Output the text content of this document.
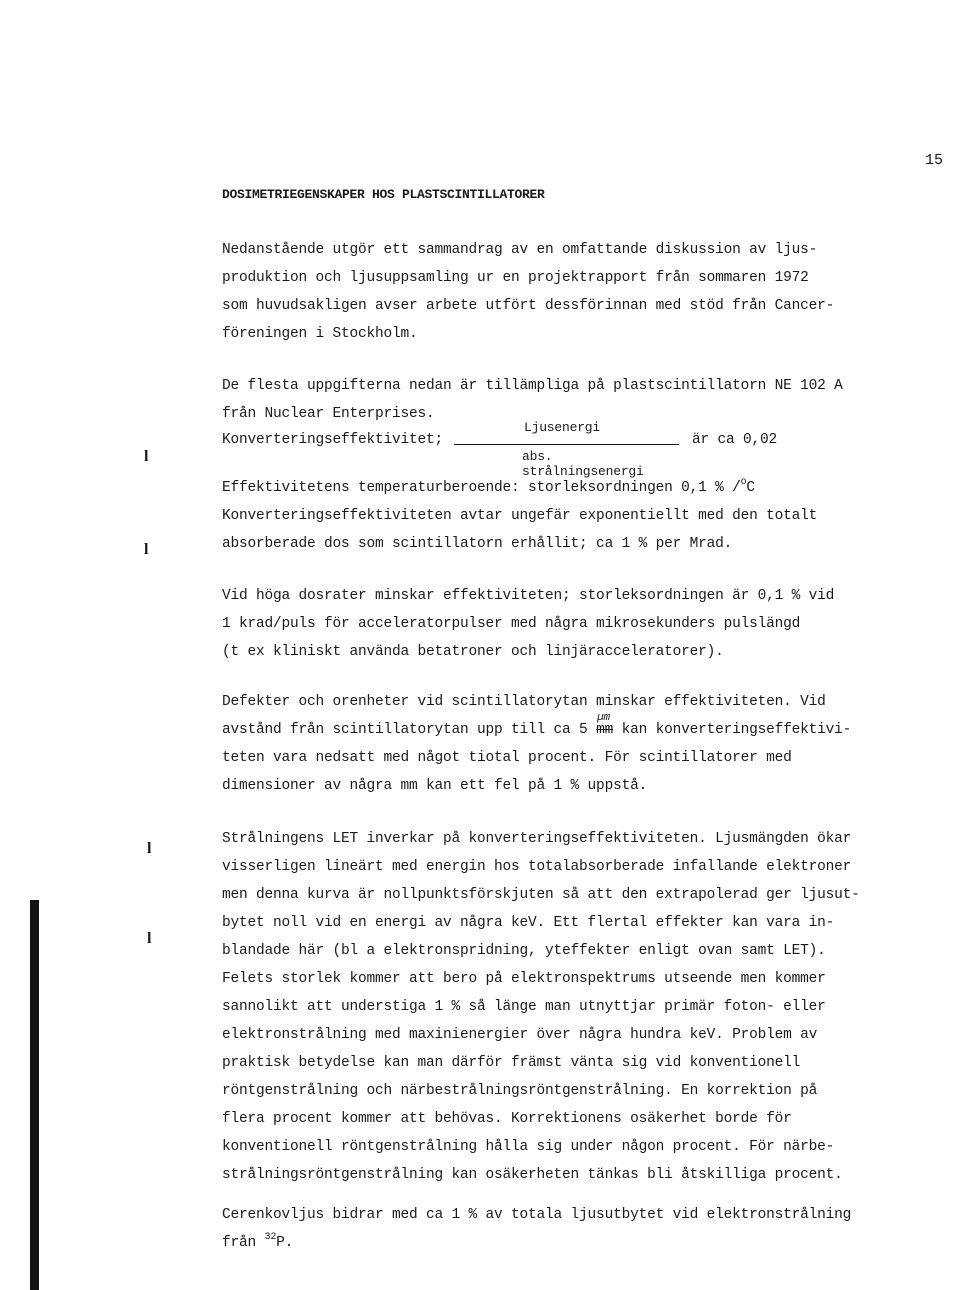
15
DOSIMETRIEGENSKAPER HOS PLASTSCINTILLATORER
Nedanstående utgör ett sammandrag av en omfattande diskussion av ljus-
produktion och ljusuppsamling ur en projektrapport från sommaren 1972
som huvudsakligen avser arbete utfört dessförinnan med stöd från Cancer-
föreningen i Stockholm.
De flesta uppgifterna nedan är tillämpliga på plastscintillatorn NE 102 A
från Nuclear Enterprises.
Konverteringseffektivitet;
Ljusenergi
abs. strålningsenergi
är ca 0,02
Effektivitetens temperaturberoende: storleksordningen 0,1 % /$^o$C
Konverteringseffektiviteten avtar ungefär exponentiellt med den totalt
absorberade dos som scintillatorn erhållit; ca 1 % per Mrad.
Vid höga dosrater minskar effektiviteten; storleksordningen är 0,1 % vid
1 krad/puls för acceleratorpulser med några mikrosekunders pulslängd
(t ex kliniskt använda betatroner och linjäracceleratorer).
Defekter och orenheter vid scintillatorytan minskar effektiviteten. Vid
avstånd från scintillatorytan upp till ca 5
µm
mm kan konverteringseffektivi-
teten vara nedsatt med något tiotal procent. För scintillatorer med
dimensioner av några mm kan ett fel på 1 % uppstå.
Strålningens LET inverkar på konverteringseffektiviteten. Ljusmängden ökar
visserligen lineärt med energin hos totalabsorberade infallande elektroner
men denna kurva är nollpunktsförskjuten så att den extrapolerad ger ljusut-
bytet noll vid en energi av några keV. Ett flertal effekter kan vara in-
blandade här (bl a elektronspridning, yteffekter enligt ovan samt LET).
Felets storlek kommer att bero på elektronspektrums utseende men kommer
sannolikt att understiga 1 % så länge man utnyttjar primär foton- eller
elektronstrålning med maxinienergier över några hundra keV. Problem av
praktisk betydelse kan man därför främst vänta sig vid konventionell
röntgenstrålning och närbestrålningsröntgenstrålning. En korrektion på
flera procent kommer att behövas. Korrektionens osäkerhet borde för
konventionell röntgenstrålning hålla sig under någon procent. För närbe-
strålningsröntgenstrålning kan osäkerheten tänkas bli åtskilliga procent.
Cerenkovljus bidrar med ca 1 % av totala ljusutbytet vid elektronstrålning
från $^{32}$P.
l
l
l
l
